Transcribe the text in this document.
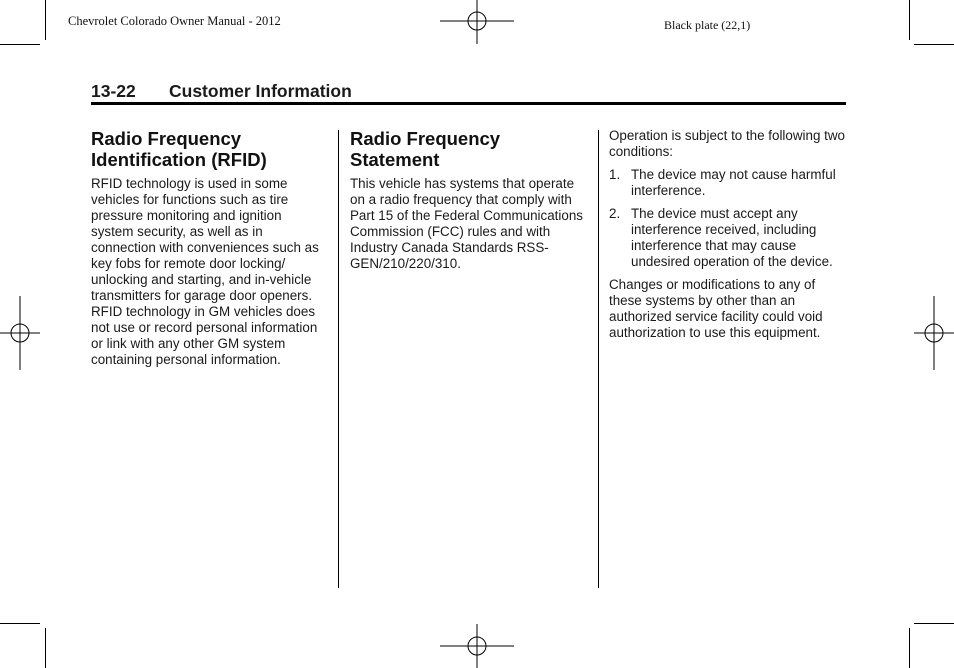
Chevrolet Colorado Owner Manual - 2012	Black plate (22,1)
13-22 Customer Information
Radio Frequency Identification (RFID)

RFID technology is used in some vehicles for functions such as tire pressure monitoring and ignition system security, as well as in connection with conveniences such as key fobs for remote door locking/ unlocking and starting, and in-vehicle transmitters for garage door openers. RFID technology in GM vehicles does not use or record personal information or link with any other GM system containing personal information.

Radio Frequency Statement

This vehicle has systems that operate on a radio frequency that comply with Part 15 of the Federal Communications Commission (FCC) rules and with Industry Canada Standards RSS-GEN/210/220/310.

Operation is subject to the following two conditions:

1. The device may not cause harmful interference.
2. The device must accept any interference received, including interference that may cause undesired operation of the device.

Changes or modifications to any of these systems by other than an authorized service facility could void authorization to use this equipment.
